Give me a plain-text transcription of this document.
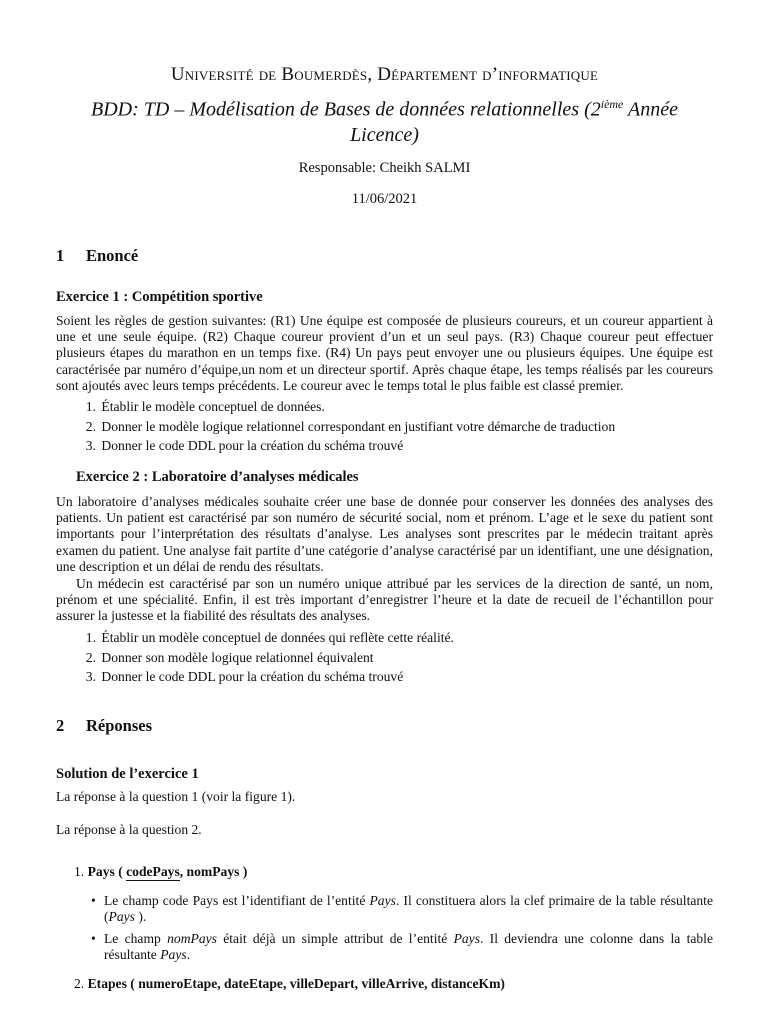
Université de Boumerdès, Département d’informatique
BDD: TD – Modélisation de Bases de données relationnelles (2ième Année
Licence)
Responsable: Cheikh SALMI
11/06/2021
1 Enoncé
Exercice 1 : Compétition sportive
Soient les règles de gestion suivantes: (R1) Une équipe est composée de plusieurs coureurs, et un coureur appartient à une et une seule équipe. (R2) Chaque coureur provient d’un et un seul pays. (R3) Chaque coureur peut effectuer plusieurs étapes du marathon en un temps fixe. (R4) Un pays peut envoyer une ou plusieurs équipes. Une équipe est caractérisée par numéro d’équipe,un nom et un directeur sportif. Après chaque étape, les temps réalisés par les coureurs sont ajoutés avec leurs temps précédents. Le coureur avec le temps total le plus faible est classé premier.
1. Établir le modèle conceptuel de données.
2. Donner le modèle logique relationnel correspondant en justifiant votre démarche de traduction
3. Donner le code DDL pour la création du schéma trouvé
Exercice 2 : Laboratoire d’analyses médicales
Un laboratoire d’analyses médicales souhaite créer une base de donnée pour conserver les données des analyses des patients. Un patient est caractérisé par son numéro de sécurité social, nom et prénom. L’age et le sexe du patient sont importants pour l’interprétation des résultats d’analyse. Les analyses sont prescrites par le médecin traitant après examen du patient. Une analyse fait partite d’une catégorie d’analyse caractérisé par un identifiant, une une désignation, une description et un délai de rendu des résultats.
Un médecin est caractérisé par son un numéro unique attribué par les services de la direction de santé, un nom, prénom et une spécialité. Enfin, il est très important d’enregistrer l’heure et la date de recueil de l’échantillon pour assurer la justesse et la fiabilité des résultats des analyses.
1. Établir un modèle conceptuel de données qui reflète cette réalité.
2. Donner son modèle logique relationnel équivalent
3. Donner le code DDL pour la création du schéma trouvé
2 Réponses
Solution de l’exercice 1
La réponse à la question 1 (voir la figure 1).
La réponse à la question 2.
1. Pays ( codePays, nomPays )
• Le champ code Pays est l’identifiant de l’entité Pays. Il constituera alors la clef primaire de la table résultante (Pays ).
• Le champ nomPays était déjà un simple attribut de l’entité Pays. Il deviendra une colonne dans la table résultante Pays.
2. Etapes ( numeroEtape, dateEtape, villeDepart, villeArrive, distanceKm)
